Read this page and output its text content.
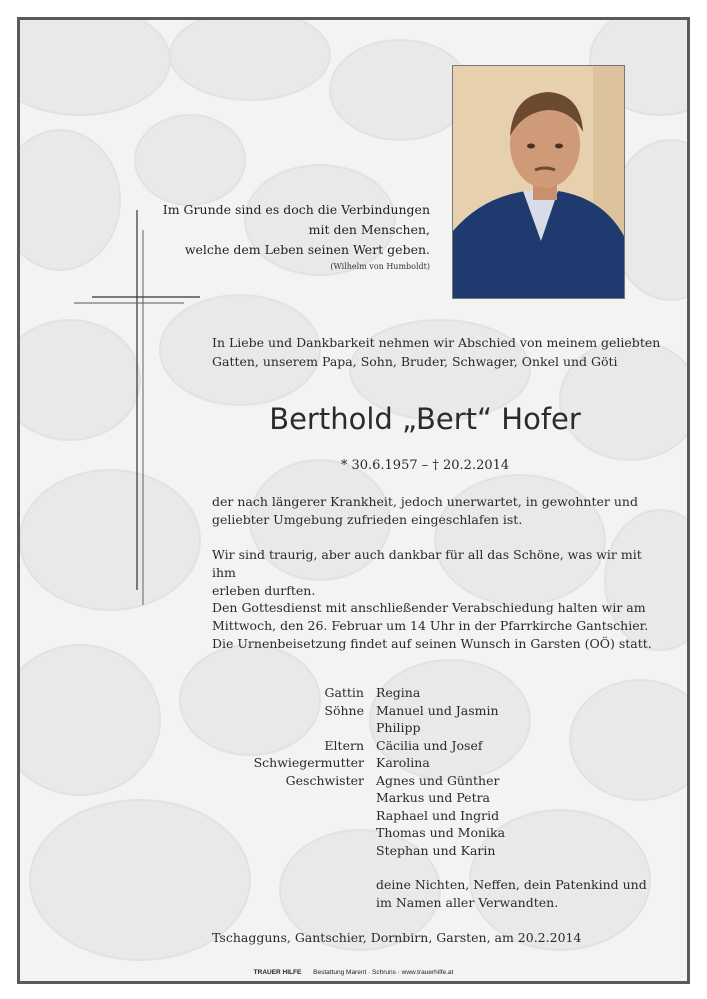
Im Grunde sind es doch die Verbindungen
mit den Menschen,
welche dem Leben seinen Wert geben.
(Wilhelm von Humboldt)
In Liebe und Dankbarkeit nehmen wir Abschied von meinem geliebten
Gatten, unserem Papa, Sohn, Bruder, Schwager, Onkel und Göti
Berthold „Bert“ Hofer
* 30.6.1957 – † 20.2.2014
der nach längerer Krankheit, jedoch unerwartet, in gewohnter und
geliebter Umgebung zufrieden eingeschlafen ist.
Wir sind traurig, aber auch dankbar für all das Schöne, was wir mit ihm
erleben durften.
Den Gottesdienst mit anschließender Verabschiedung halten wir am
Mittwoch, den 26. Februar um 14 Uhr in der Pfarrkirche Gantschier.
Die Urnenbeisetzung findet auf seinen Wunsch in Garsten (OÖ) statt.
Gattin Regina
Söhne Manuel und Jasmin
Philipp
Eltern Cäcilia und Josef
Schwiegermutter Karolina
Geschwister Agnes und Günther
Markus und Petra
Raphael und Ingrid
Thomas und Monika
Stephan und Karin
deine Nichten, Neffen, dein Patenkind und
im Namen aller Verwandten.
Tschagguns, Gantschier, Dornbirn, Garsten, am 20.2.2014
TRAUER HILFE Bestattung Marent · Schruns · www.trauerhilfe.at
